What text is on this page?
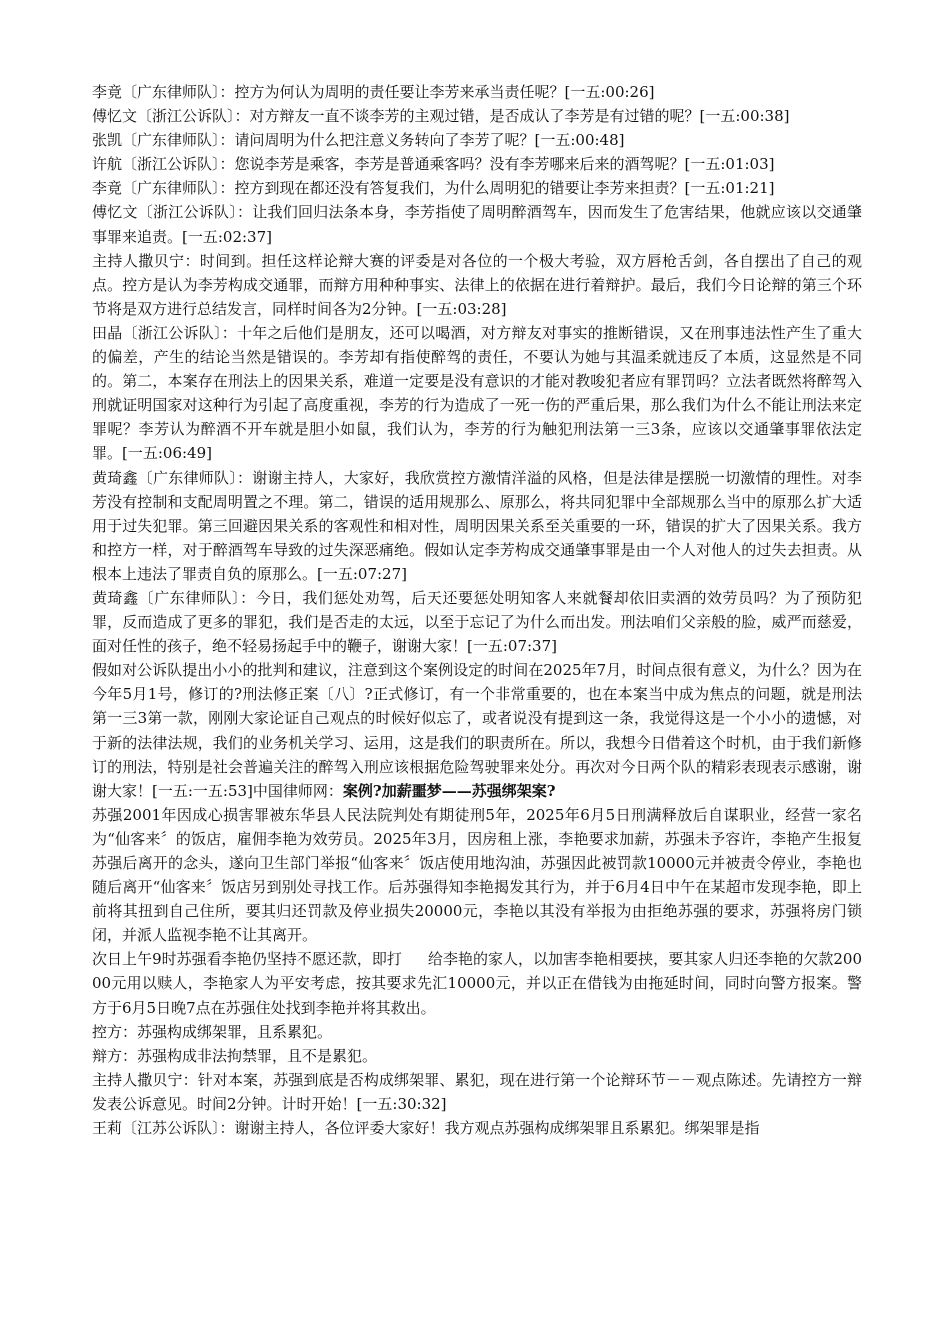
李竟〔广东律师队〕：控方为何认为周明的责任要让李芳来承当责任呢？[一五:00:26]

傅忆文〔浙江公诉队〕：对方辩友一直不谈李芳的主观过错，是否成认了李芳是有过错的呢？[一五:00:38]

张凯〔广东律师队〕：请问周明为什么把注意义务转向了李芳了呢？[一五:00:48]

许航〔浙江公诉队〕：您说李芳是乘客，李芳是普通乘客吗？没有李芳哪来后来的酒驾呢？[一五:01:03]

李竟〔广东律师队〕：控方到现在都还没有答复我们，为什么周明犯的错要让李芳来担责？[一五:01:21]

傅忆文〔浙江公诉队〕：让我们回归法条本身，李芳指使了周明醉酒驾车，因而发生了危害结果，他就应该以交通肇事罪来追责。[一五:02:37]

主持人撒贝宁：时间到。担任这样论辩大赛的评委是对各位的一个极大考验，双方唇枪舌剑，各自摆出了自己的观点。控方是认为李芳构成交通罪，而辩方用种种事实、法律上的依据在进行着辩护。最后，我们今日论辩的第三个环节将是双方进行总结发言，同样时间各为2分钟。[一五:03:28]

田晶〔浙江公诉队〕：十年之后他们是朋友，还可以喝酒，对方辩友对事实的推断错误，又在刑事违法性产生了重大的偏差，产生的结论当然是错误的。李芳却有指使醉驾的责任，不要认为她与其温柔就违反了本质，这显然是不同的。第二，本案存在刑法上的因果关系，难道一定要是没有意识的才能对教唆犯者应有罪罚吗？立法者既然将醉驾入刑就证明国家对这种行为引起了高度重视，李芳的行为造成了一死一伤的严重后果，那么我们为什么不能让刑法来定罪呢？李芳认为醉酒不开车就是胆小如鼠，我们认为，李芳的行为触犯刑法第一三3条，应该以交通肇事罪依法定罪。[一五:06:49]

黄琦鑫〔广东律师队〕：谢谢主持人，大家好，我欣赏控方激情洋溢的风格，但是法律是摆脱一切激情的理性。对李芳没有控制和支配周明置之不理。第二，错误的适用规那么、原那么，将共同犯罪中全部规那么当中的原那么扩大适用于过失犯罪。第三回避因果关系的客观性和相对性，周明因果关系至关重要的一环，错误的扩大了因果关系。我方和控方一样，对于醉酒驾车导致的过失深恶痛绝。假如认定李芳构成交通肇事罪是由一个人对他人的过失去担责。从根本上违法了罪责自负的原那么。[一五:07:27]

黄琦鑫〔广东律师队〕：今日，我们惩处劝驾，后天还要惩处明知客人来就餐却依旧卖酒的效劳员吗？为了预防犯罪，反而造成了更多的罪犯，我们是否走的太远，以至于忘记了为什么而出发。刑法咱们父亲般的脸，威严而慈爱，面对任性的孩子，绝不轻易扬起手中的鞭子，谢谢大家！[一五:07:37]

假如对公诉队提出小小的批判和建议，注意到这个案例设定的时间在2025年7月，时间点很有意义，为什么？因为在今年5月1号，修订的?刑法修正案〔八〕?正式修订，有一个非常重要的，也在本案当中成为焦点的问题，就是刑法第一三3第一款，刚刚大家论证自己观点的时候好似忘了，或者说没有提到这一条，我觉得这是一个小小的遗憾，对于新的法律法规，我们的业务机关学习、运用，这是我们的职责所在。所以，我想今日借着这个时机，由于我们新修订的刑法，特别是社会普遍关注的醉驾入刑应该根据危险驾驶罪来处分。再次对今日两个队的精彩表现表示感谢，谢谢大家！[一五:一五:53]中国律师网：案例?加薪噩梦——苏强绑架案?

苏强2001年因成心损害罪被东华县人民法院判处有期徒刑5年，2025年6月5日刑满释放后自谋职业，经营一家名为“仙客来〞的饭店，雇佣李艳为效劳员。2025年3月，因房租上涨，李艳要求加薪，苏强未予容许，李艳产生报复苏强后离开的念头，遂向卫生部门举报“仙客来〞饭店使用地沟油，苏强因此被罚款10000元并被责令停业，李艳也随后离开“仙客来〞饭店另到别处寻找工作。后苏强得知李艳揭发其行为，并于6月4日中午在某超市发现李艳，即上前将其扭到自己住所，要其归还罚款及停业损失20000元，李艳以其没有举报为由拒绝苏强的要求，苏强将房门锁闭，并派人监视李艳不让其离开。

次日上午9时苏强看李艳仍坚持不愿还款，即打 给李艳的家人，以加害李艳相要挟，要其家人归还李艳的欠款20000元用以赎人，李艳家人为平安考虑，按其要求先汇10000元，并以正在借钱为由拖延时间，同时向警方报案。警方于6月5日晚7点在苏强住处找到李艳并将其救出。

控方：苏强构成绑架罪，且系累犯。

辩方：苏强构成非法拘禁罪，且不是累犯。

主持人撒贝宁：针对本案，苏强到底是否构成绑架罪、累犯，现在进行第一个论辩环节－－观点陈述。先请控方一辩发表公诉意见。时间2分钟。计时开始！[一五:30:32]

王莉〔江苏公诉队〕：谢谢主持人，各位评委大家好！我方观点苏强构成绑架罪且系累犯。绑架罪是指
